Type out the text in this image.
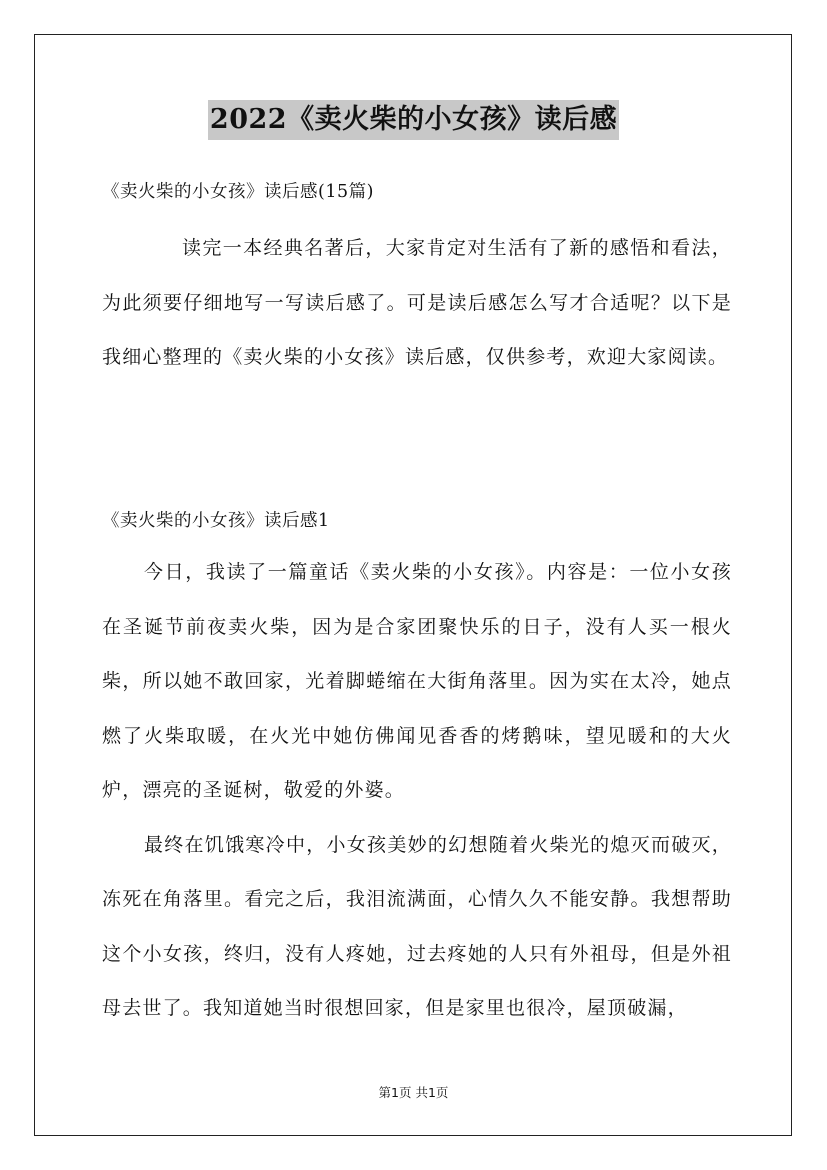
2022《卖火柴的小女孩》读后感
《卖火柴的小女孩》读后感(15篇)

读完一本经典名著后，大家肯定对生活有了新的感悟和看法，为此须要仔细地写一写读后感了。可是读后感怎么写才合适呢？以下是我细心整理的《卖火柴的小女孩》读后感，仅供参考，欢迎大家阅读。

《卖火柴的小女孩》读后感1

今日，我读了一篇童话《卖火柴的小女孩》。内容是：一位小女孩在圣诞节前夜卖火柴，因为是合家团聚快乐的日子，没有人买一根火柴，所以她不敢回家，光着脚蜷缩在大街角落里。因为实在太冷，她点燃了火柴取暖，在火光中她仿佛闻见香香的烤鹅味，望见暖和的大火炉，漂亮的圣诞树，敬爱的外婆。

最终在饥饿寒冷中，小女孩美妙的幻想随着火柴光的熄灭而破灭，冻死在角落里。看完之后，我泪流满面，心情久久不能安静。我想帮助这个小女孩，终归，没有人疼她，过去疼她的人只有外祖母，但是外祖母去世了。我知道她当时很想回家，但是家里也很冷，屋顶破漏，

第1页 共1页
